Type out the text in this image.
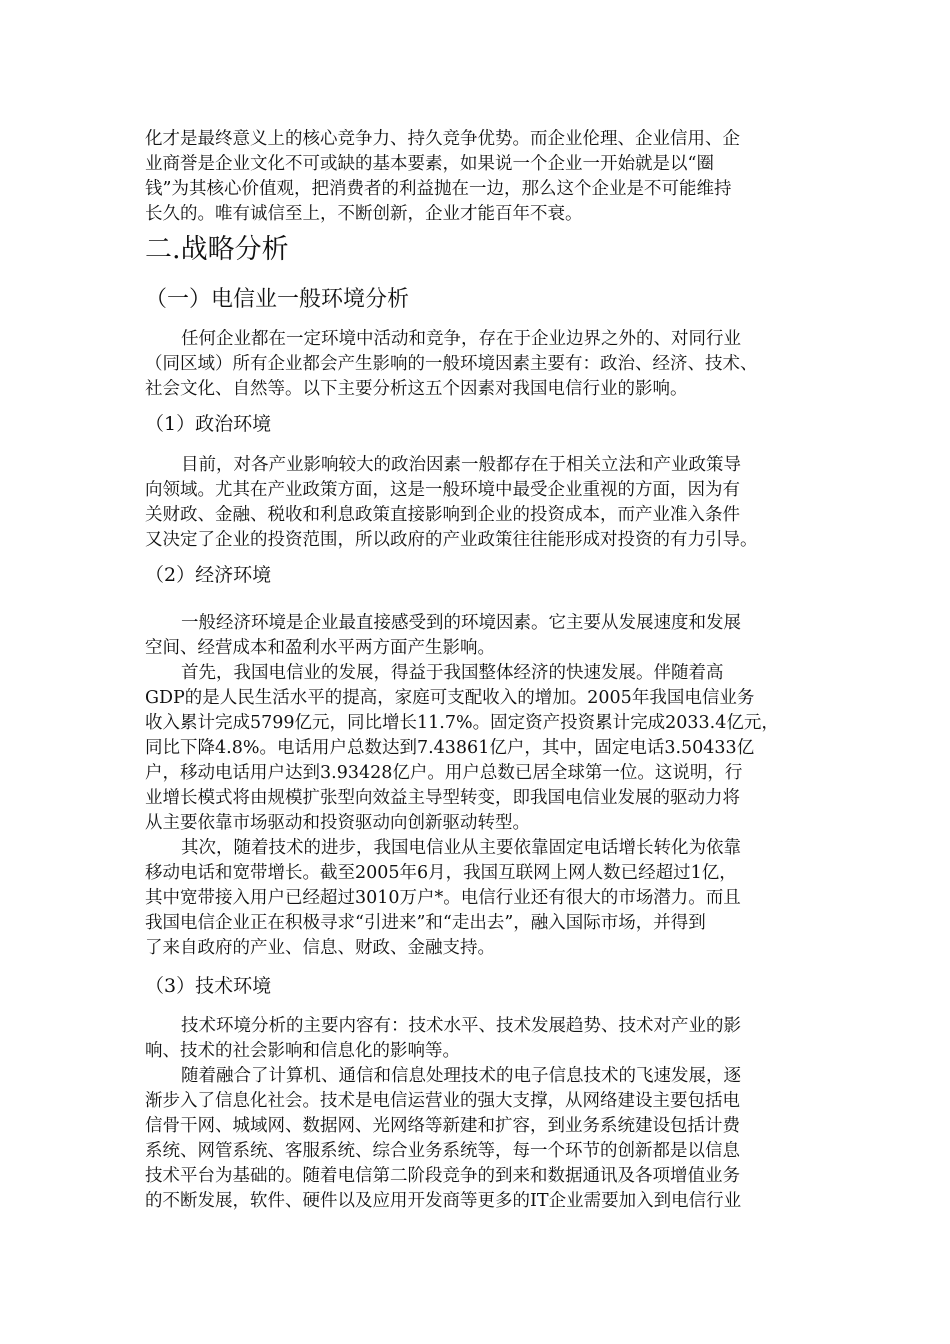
化才是最终意义上的核心竞争力、持久竞争优势。而企业伦理、企业信用、企
业商誉是企业文化不可或缺的基本要素，如果说一个企业一开始就是以“圈
钱”为其核心价值观，把消费者的利益抛在一边，那么这个企业是不可能维持
长久的。唯有诚信至上，不断创新，企业才能百年不衰。
二.战略分析
（一）电信业一般环境分析
任何企业都在一定环境中活动和竞争，存在于企业边界之外的、对同行业
（同区域）所有企业都会产生影响的一般环境因素主要有：政治、经济、技术、
社会文化、自然等。以下主要分析这五个因素对我国电信行业的影响。
（1）政治环境
目前，对各产业影响较大的政治因素一般都存在于相关立法和产业政策导
向领域。尤其在产业政策方面，这是一般环境中最受企业重视的方面，因为有
关财政、金融、税收和利息政策直接影响到企业的投资成本，而产业准入条件
又决定了企业的投资范围，所以政府的产业政策往往能形成对投资的有力引导。
（2）经济环境
一般经济环境是企业最直接感受到的环境因素。它主要从发展速度和发展
空间、经营成本和盈利水平两方面产生影响。
首先，我国电信业的发展，得益于我国整体经济的快速发展。伴随着高
GDP的是人民生活水平的提高，家庭可支配收入的增加。2005年我国电信业务
收入累计完成5799亿元，同比增长11.7%。固定资产投资累计完成2033.4亿元，
同比下降4.8%。电话用户总数达到7.43861亿户，其中，固定电话3.50433亿
户，移动电话用户达到3.93428亿户。用户总数已居全球第一位。这说明，行
业增长模式将由规模扩张型向效益主导型转变，即我国电信业发展的驱动力将
从主要依靠市场驱动和投资驱动向创新驱动转型。
其次，随着技术的进步，我国电信业从主要依靠固定电话增长转化为依靠
移动电话和宽带增长。截至2005年6月，我国互联网上网人数已经超过1亿，
其中宽带接入用户已经超过3010万户*。电信行业还有很大的市场潜力。而且
我国电信企业正在积极寻求“引进来”和“走出去”，融入国际市场，并得到
了来自政府的产业、信息、财政、金融支持。
（3）技术环境
技术环境分析的主要内容有：技术水平、技术发展趋势、技术对产业的影
响、技术的社会影响和信息化的影响等。
随着融合了计算机、通信和信息处理技术的电子信息技术的飞速发展，逐
渐步入了信息化社会。技术是电信运营业的强大支撑，从网络建设主要包括电
信骨干网、城域网、数据网、光网络等新建和扩容，到业务系统建设包括计费
系统、网管系统、客服系统、综合业务系统等，每一个环节的创新都是以信息
技术平台为基础的。随着电信第二阶段竞争的到来和数据通讯及各项增值业务
的不断发展，软件、硬件以及应用开发商等更多的IT企业需要加入到电信行业
